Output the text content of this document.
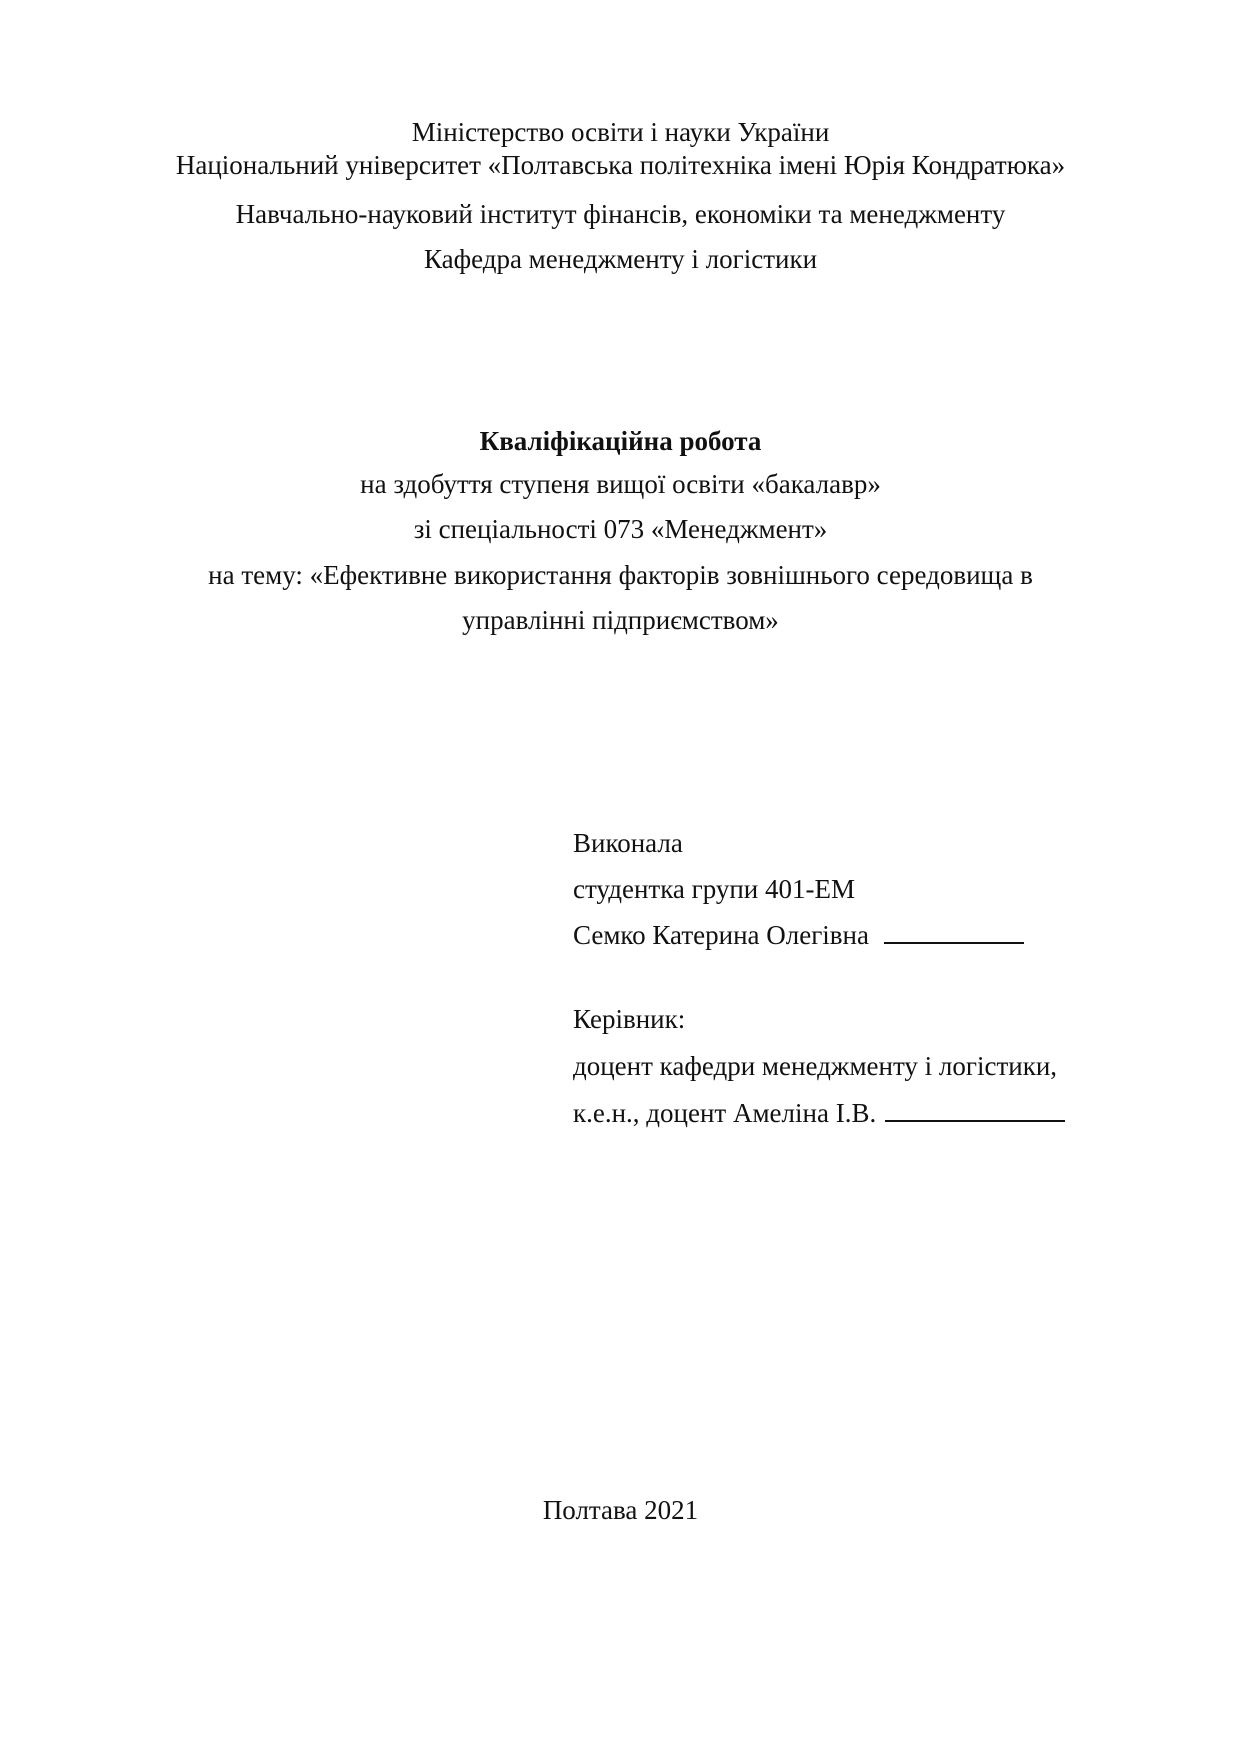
Міністерство освіти і науки України
Національний університет «Полтавська політехніка імені Юрія Кондратюка»
Навчально-науковий інститут фінансів, економіки та менеджменту
Кафедра менеджменту і логістики
Кваліфікаційна робота
на здобуття ступеня вищої освіти «бакалавр»
зі спеціальності 073 «Менеджмент»
на тему: «Ефективне використання факторів зовнішнього середовища в
управлінні підприємством»
Виконала
студентка групи 401-ЕМ
Семко Катерина Олегівна
Керівник:
доцент кафедри менеджменту і логістики,
к.е.н., доцент Амеліна І.В.
Полтава 2021
